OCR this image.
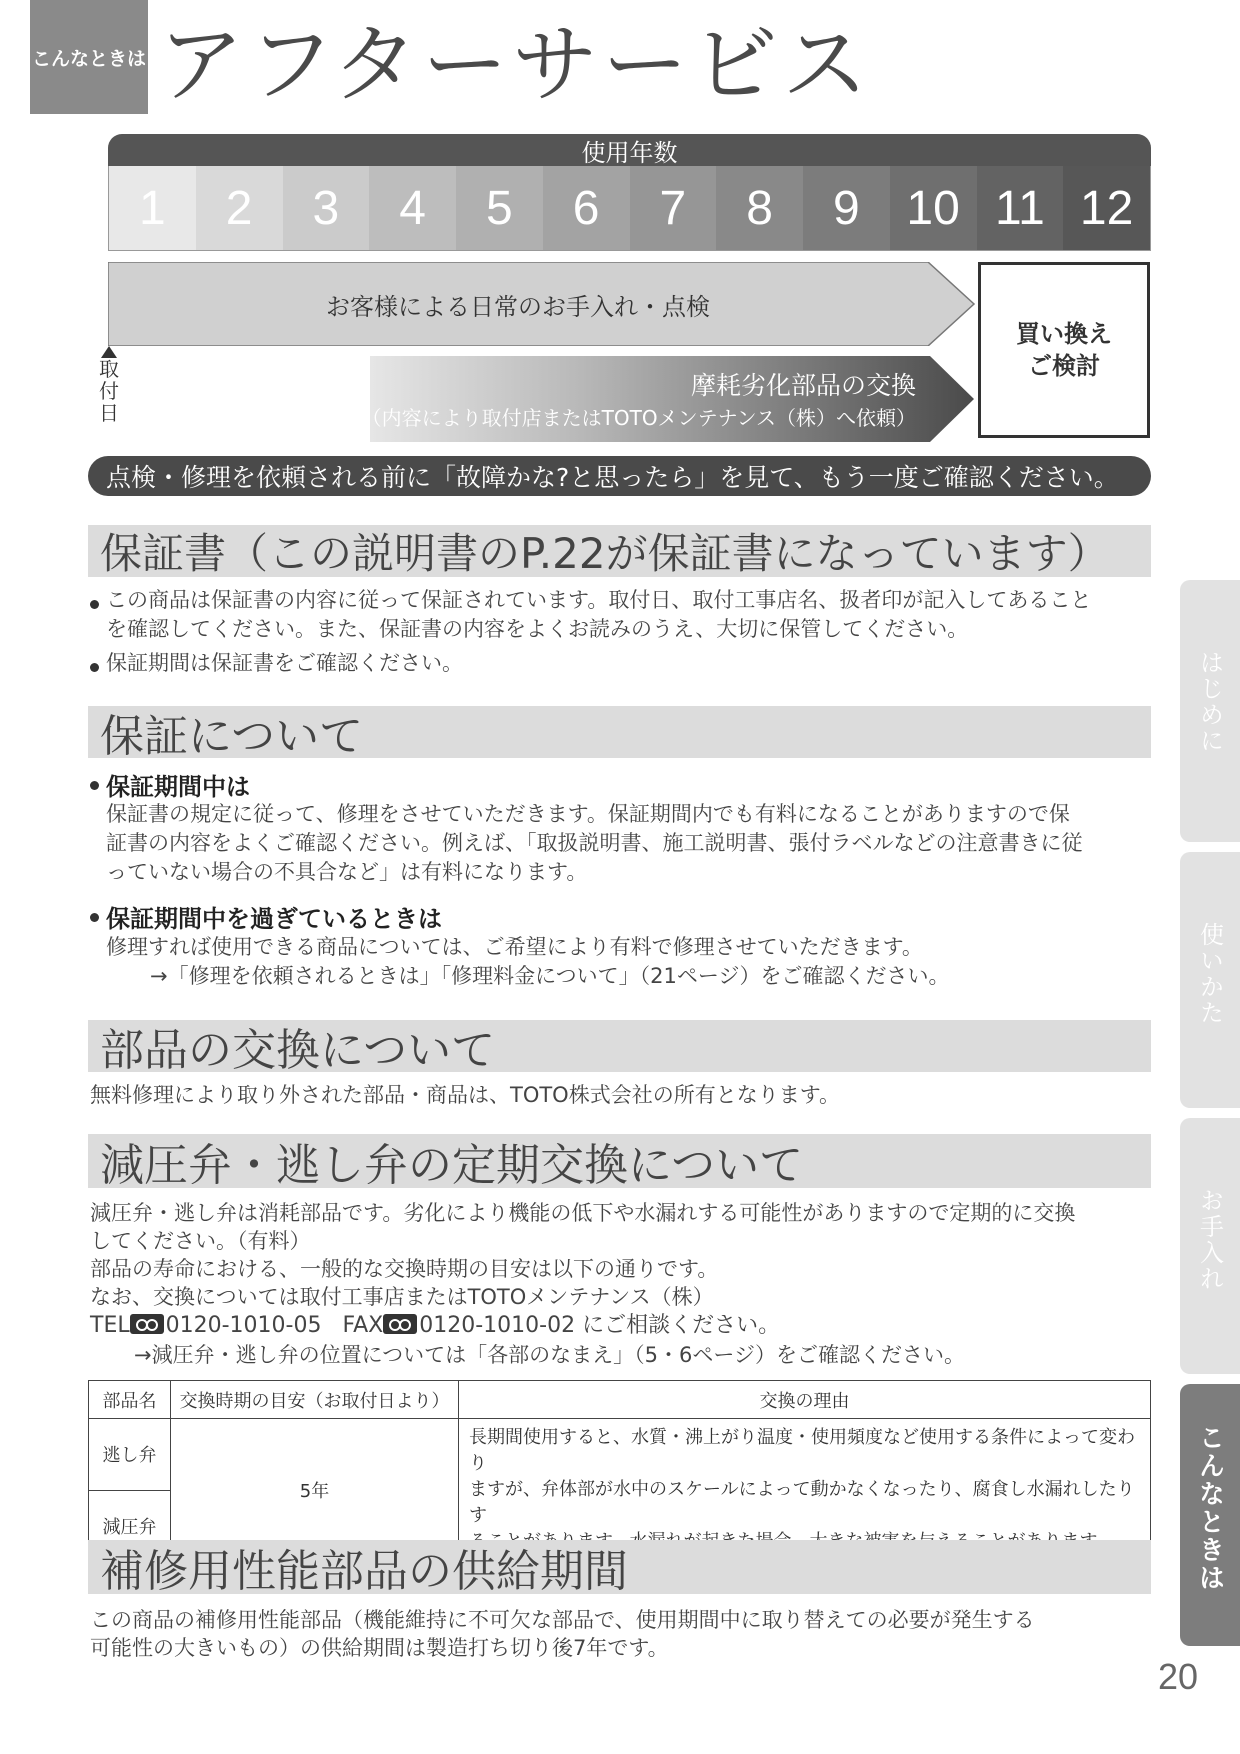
こんなときは アフターサービス
使用年数
1	2	3	4	5	6	7	8	9 10 11 12
お客様による日常のお手入れ・点検
摩耗劣化部品の交換
（内容により取付店またはTOTOメンテナンス（株）へ依頼）
取
付
日
買い換え
ご検討
点検・修理を依頼される前に「故障かな?と思ったら」を見て、もう一度ご確認ください。
保証書（この説明書のP.22が保証書になっています）
この商品は保証書の内容に従って保証されています。取付日、取付工事店名、扱者印が記入してあること
を確認してください。また、保証書の内容をよくお読みのうえ、大切に保管してください。
保証期間は保証書をご確認ください。
保証について
保証期間中は
保証書の規定に従って、修理をさせていただきます。保証期間内でも有料になることがありますので保
証書の内容をよくご確認ください。例えば、「取扱説明書、施工説明書、張付ラベルなどの注意書きに従
っていない場合の不具合など」は有料になります。
保証期間中を過ぎているときは
修理すれば使用できる商品については、ご希望により有料で修理させていただきます。
→「修理を依頼されるときは」「修理料金について」（21ページ）をご確認ください。
部品の交換について
無料修理により取り外された部品・商品は、TOTO株式会社の所有となります。
減圧弁・逃し弁の定期交換について
減圧弁・逃し弁は消耗部品です。劣化により機能の低下や水漏れする可能性がありますので定期的に交換
してください。（有料）
部品の寿命における、一般的な交換時期の目安は以下の通りです。
なお、交換については取付工事店またはTOTOメンテナンス（株）
TEL 0120-1010-05 FAX 0120-1010-02 にご相談ください。
→減圧弁・逃し弁の位置については「各部のなまえ」（5・6ページ）をご確認ください。
部品名	交換時期の目安（お取付日より）	交換の理由
逃し弁	5年	長期間使用すると、水質・沸上がり温度・使用頻度など使用する条件によって変わり
ますが、弁体部が水中のスケールによって動かなくなったり、腐食し水漏れしたりす

減圧弁		
補修用性能部品の供給期間
この商品の補修用性能部品（機能維持に不可欠な部品で、使用期間中に取り替えての必要が発生する
可能性の大きいもの）の供給期間は製造打ち切り後7年です。
はじめに
使いかた
お手入れ
こんなときは
20
